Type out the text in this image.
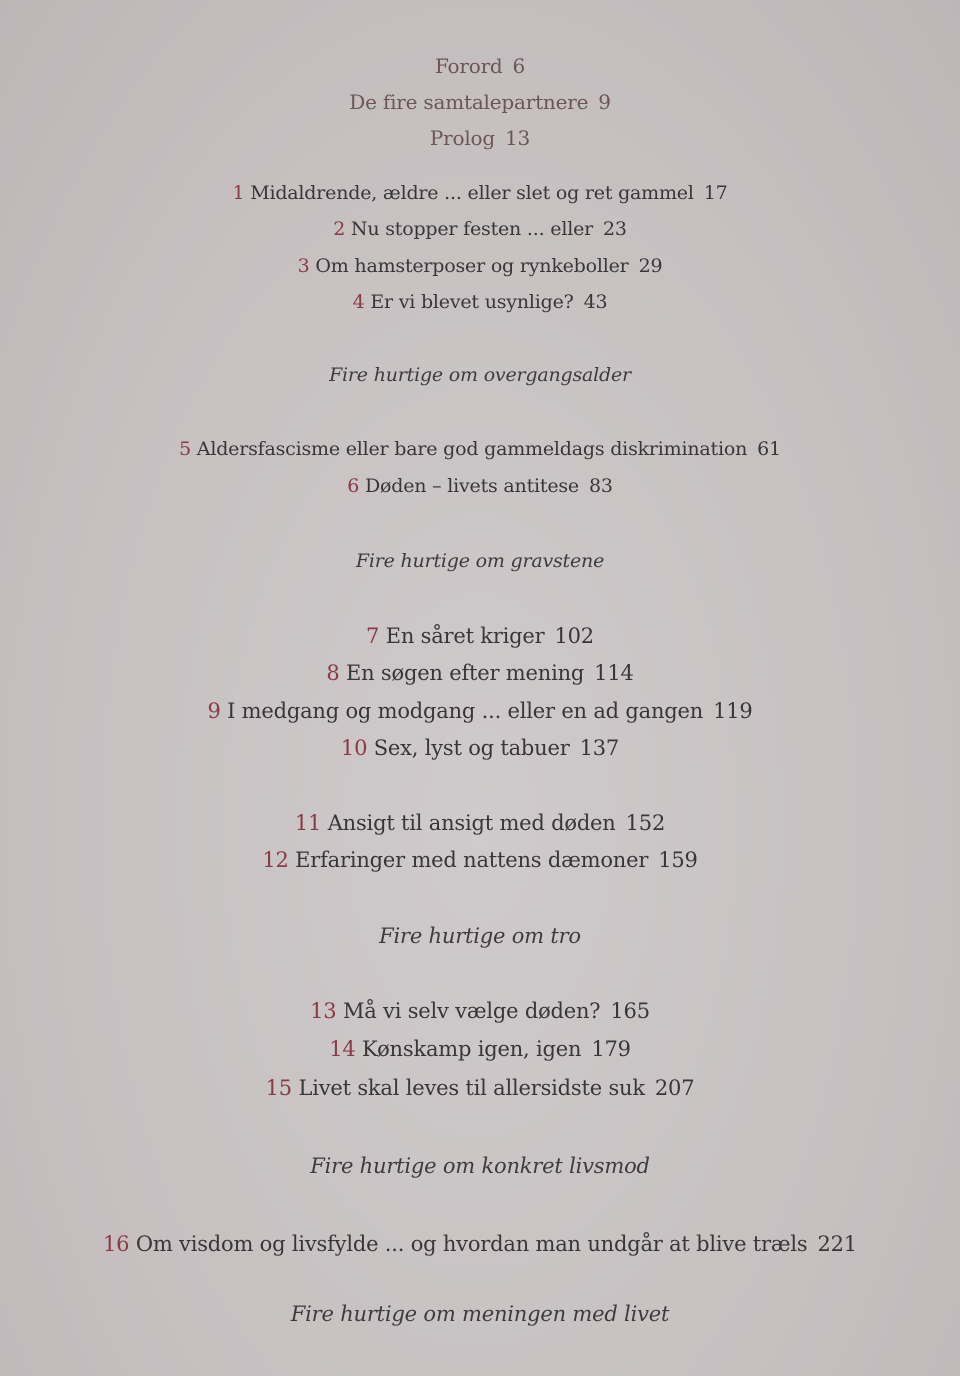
Forord 6
De fire samtalepartnere 9
Prolog 13
1 Midaldrende, ældre ... eller slet og ret gammel 17
2 Nu stopper festen ... eller 23
3 Om hamsterposer og rynkeboller 29
4 Er vi blevet usynlige? 43
Fire hurtige om overgangsalder
5 Aldersfascisme eller bare god gammeldags diskrimination 61
6 Døden – livets antitese 83
Fire hurtige om gravstene
7 En såret kriger 102
8 En søgen efter mening 114
9 I medgang og modgang ... eller en ad gangen 119
10 Sex, lyst og tabuer 137
11 Ansigt til ansigt med døden 152
12 Erfaringer med nattens dæmoner 159
Fire hurtige om tro
13 Må vi selv vælge døden? 165
14 Kønskamp igen, igen 179
15 Livet skal leves til allersidste suk 207
Fire hurtige om konkret livsmod
16 Om visdom og livsfylde ... og hvordan man undgår at blive træls 221
Fire hurtige om meningen med livet
